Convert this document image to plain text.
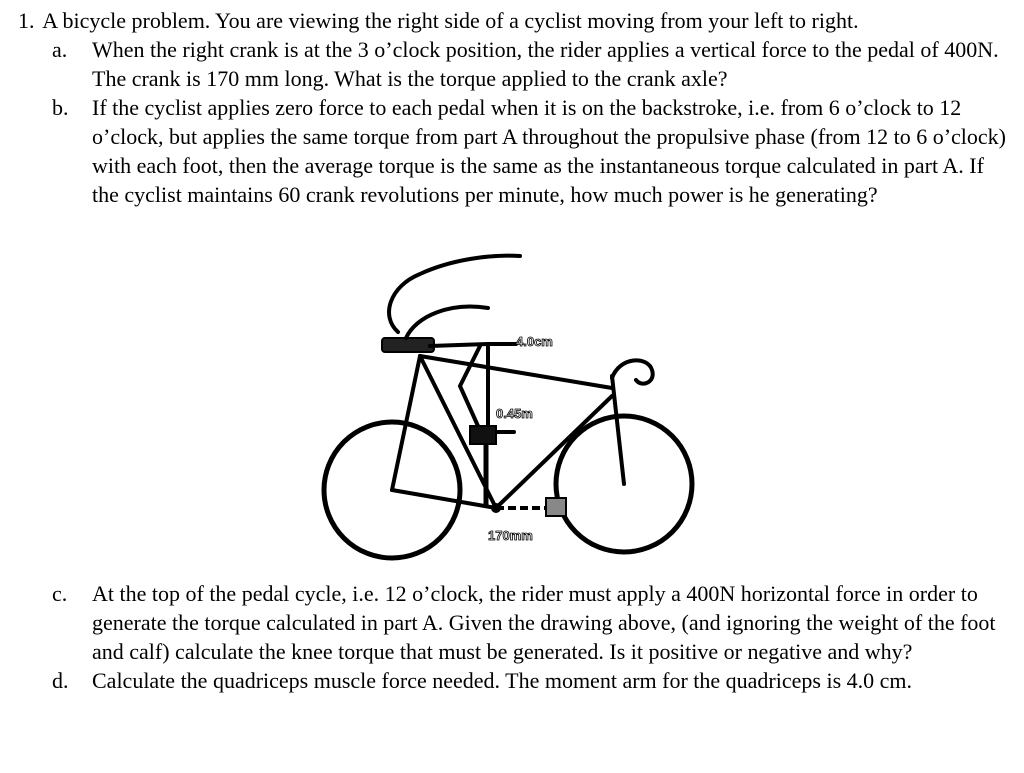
1. A bicycle problem. You are viewing the right side of a cyclist moving from your left to right.

a.	When the right crank is at the 3 o’clock position, the rider applies a vertical force to the pedal of 400N. The crank is 170 mm long. What is the torque applied to the crank axle?

b.	If the cyclist applies zero force to each pedal when it is on the backstroke, i.e. from 6 o’clock to 12 o’clock, but applies the same torque from part A throughout the propulsive phase (from 12 to 6 o’clock) with each foot, then the average torque is the same as the instantaneous torque calculated in part A. If the cyclist maintains 60 crank revolutions per minute, how much power is he generating?

4.0cm
0.45m
170mm

c.	At the top of the pedal cycle, i.e. 12 o’clock, the rider must apply a 400N horizontal force in order to generate the torque calculated in part A. Given the drawing above, (and ignoring the weight of the foot and calf) calculate the knee torque that must be generated. Is it positive or negative and why?

d.	Calculate the quadriceps muscle force needed. The moment arm for the quadriceps is 4.0 cm.
